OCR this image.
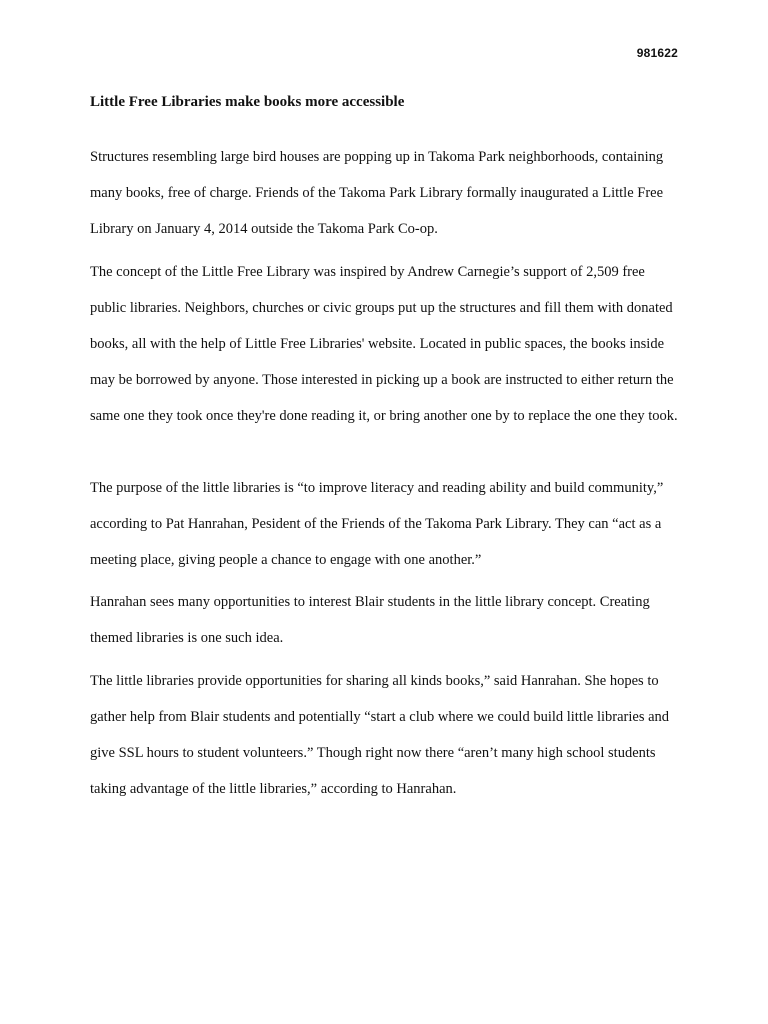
981622
Little Free Libraries make books more accessible

Structures resembling large bird houses are popping up in Takoma Park neighborhoods, containing many books, free of charge. Friends of the Takoma Park Library formally inaugurated a Little Free Library on January 4, 2014 outside the Takoma Park Co-op.

The concept of the Little Free Library was inspired by Andrew Carnegie’s support of 2,509 free public libraries. Neighbors, churches or civic groups put up the structures and fill them with donated books, all with the help of Little Free Libraries' website. Located in public spaces, the books inside may be borrowed by anyone. Those interested in picking up a book are instructed to either return the same one they took once they're done reading it, or bring another one by to replace the one they took.

The purpose of the little libraries is “to improve literacy and reading ability and build community,” according to Pat Hanrahan, Pesident of the Friends of the Takoma Park Library. They can “act as a meeting place, giving people a chance to engage with one another.”

Hanrahan sees many opportunities to interest Blair students in the little library concept. Creating themed libraries is one such idea.

The little libraries provide opportunities for sharing all kinds books,” said Hanrahan. She hopes to gather help from Blair students and potentially “start a club where we could build little libraries and give SSL hours to student volunteers.” Though right now there “aren’t many high school students taking advantage of the little libraries,” according to Hanrahan.
